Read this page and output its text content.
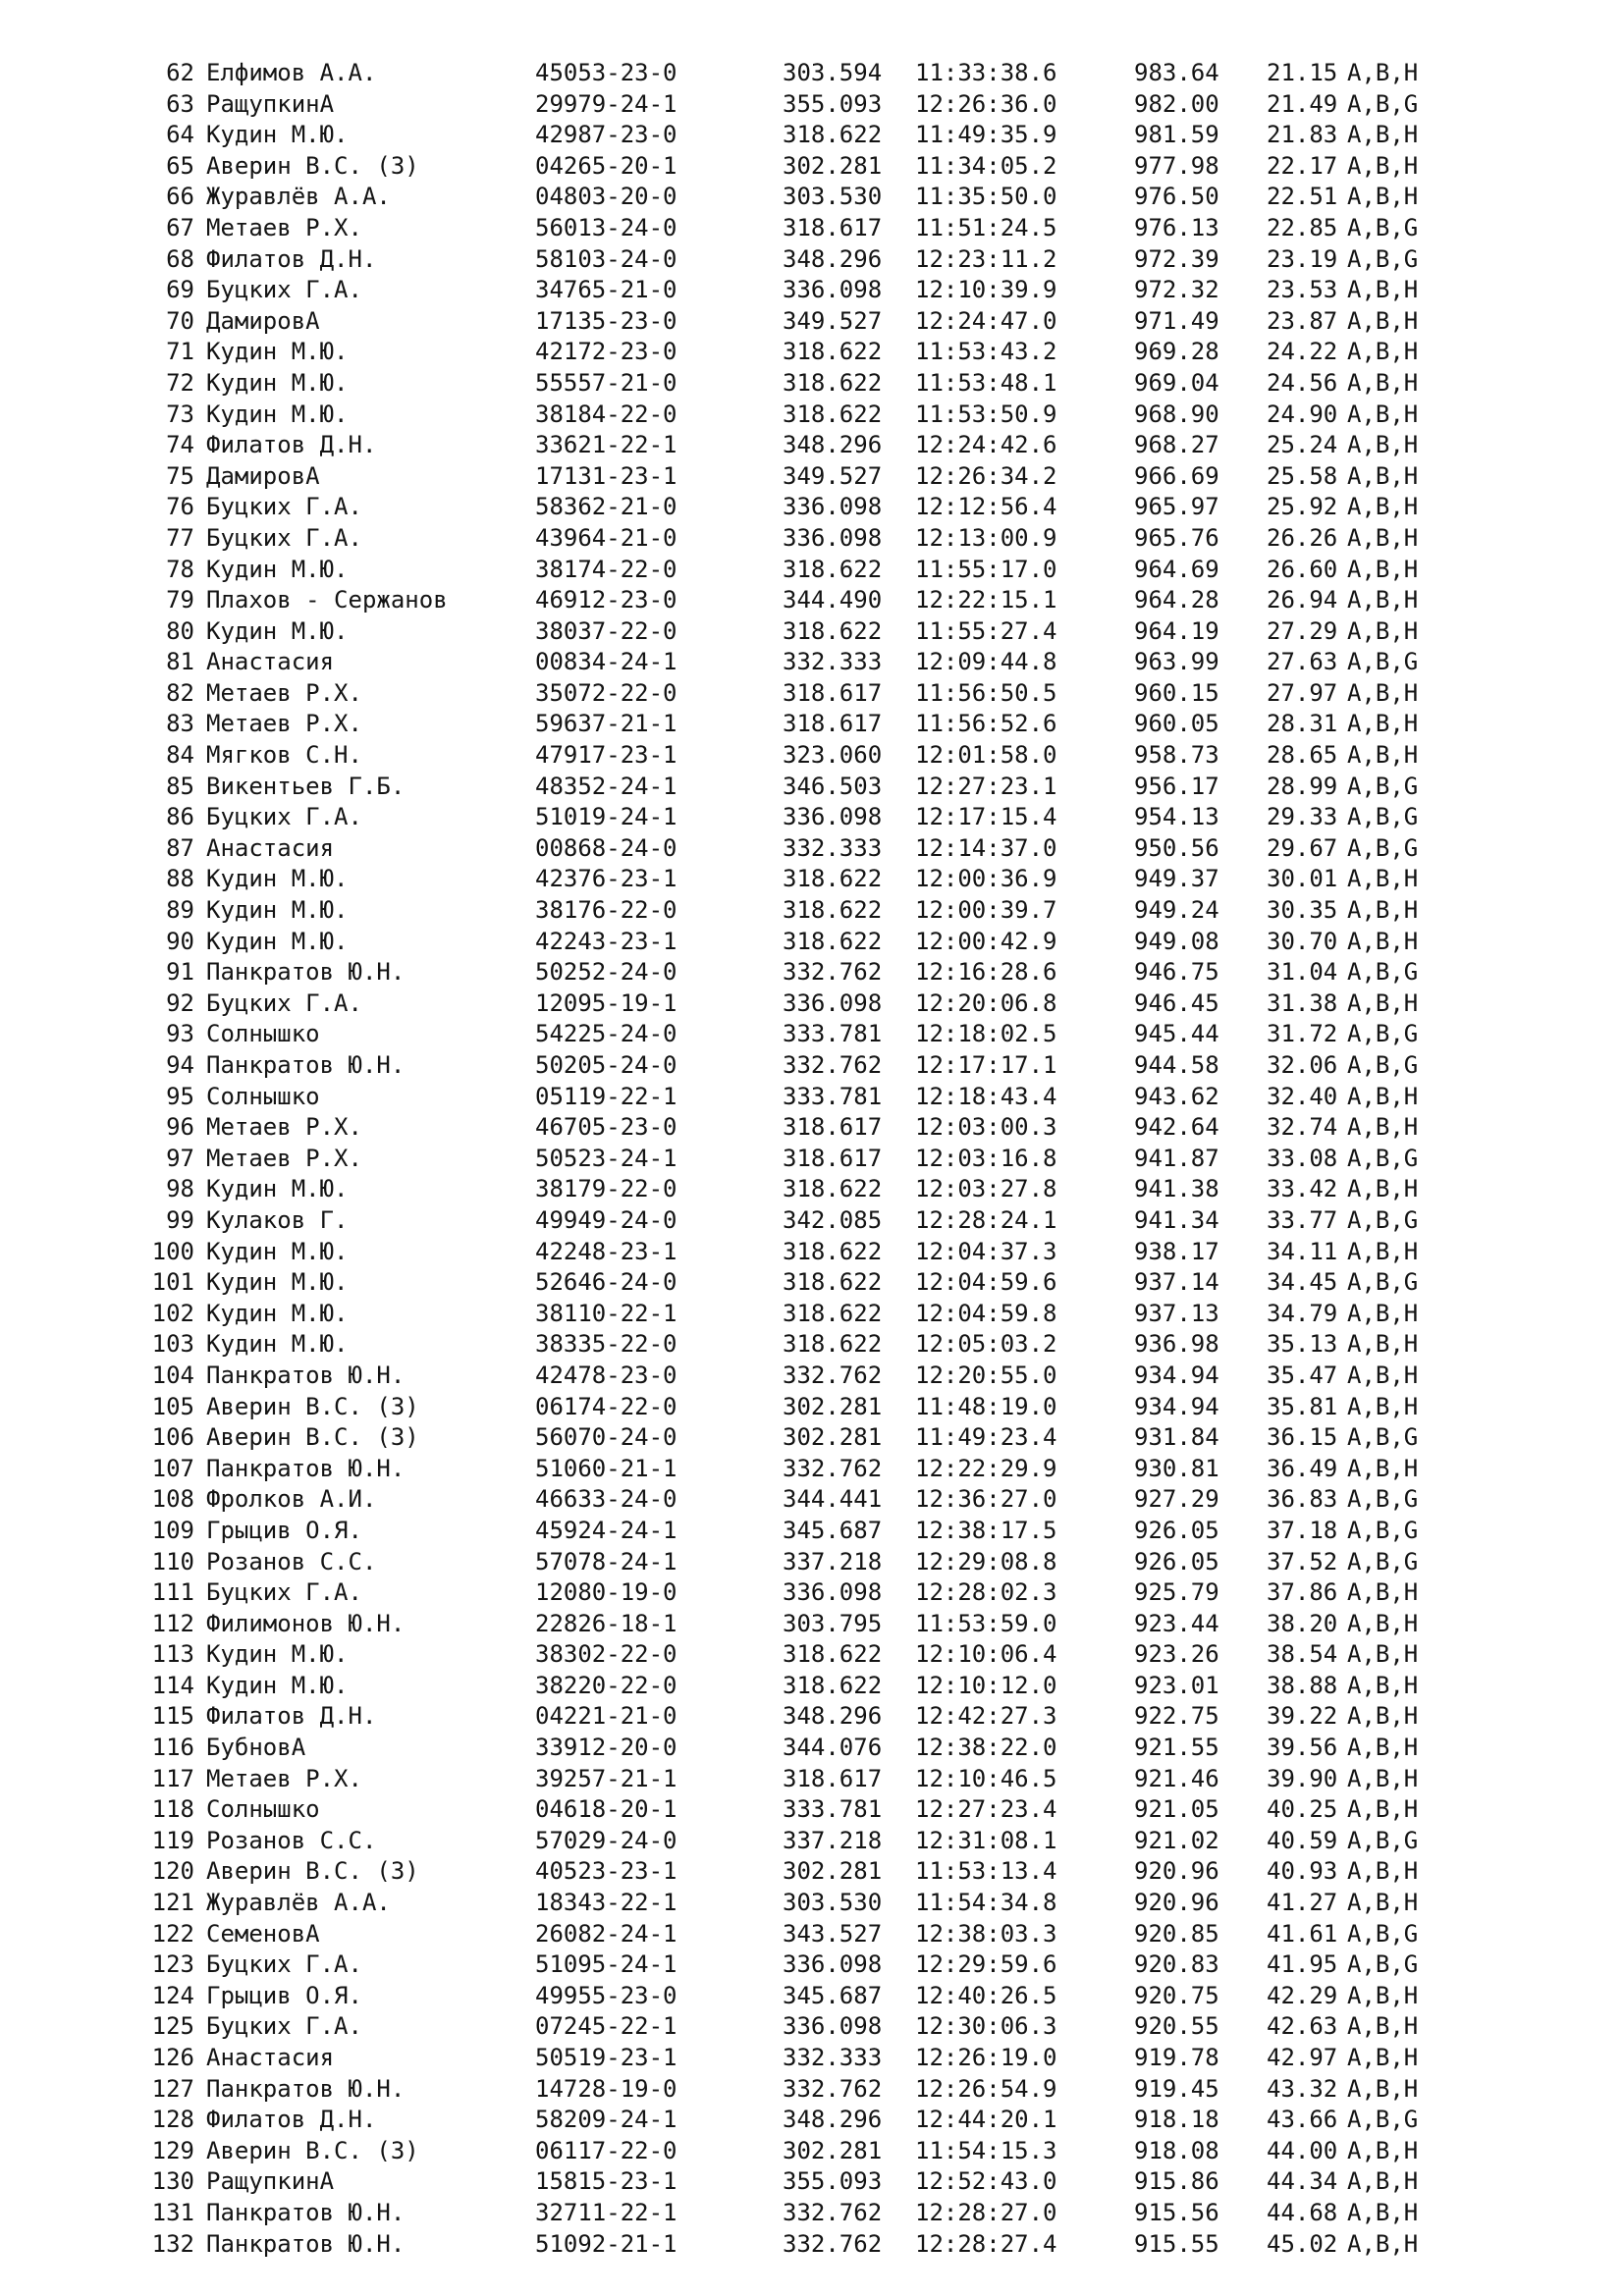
62 Елфимов А.А.	45053-23-0	303.594 11:33:38.6	983.64 21.15 A,B,H
63 РащупкинА	29979-24-1	355.093 12:26:36.0	982.00 21.49 A,B,G
64 Кудин М.Ю.	42987-23-0	318.622 11:49:35.9	981.59 21.83 A,B,H
65 Аверин В.С. (З)	04265-20-1	302.281 11:34:05.2	977.98 22.17 A,B,H
66 Журавлёв А.А.	04803-20-0	303.530 11:35:50.0	976.50 22.51 A,B,H
67 Метаев Р.Х.	56013-24-0	318.617 11:51:24.5	976.13 22.85 A,B,G
68 Филатов Д.Н.	58103-24-0	348.296 12:23:11.2	972.39 23.19 A,B,G
69 Буцких Г.А.	34765-21-0	336.098 12:10:39.9	972.32 23.53 A,B,H
70 ДамировА	17135-23-0	349.527 12:24:47.0	971.49 23.87 A,B,H
71 Кудин М.Ю.	42172-23-0	318.622 11:53:43.2	969.28 24.22 A,B,H
72 Кудин М.Ю.	55557-21-0	318.622 11:53:48.1	969.04 24.56 A,B,H
73 Кудин М.Ю.	38184-22-0	318.622 11:53:50.9	968.90 24.90 A,B,H
74 Филатов Д.Н.	33621-22-1	348.296 12:24:42.6	968.27 25.24 A,B,H
75 ДамировА	17131-23-1	349.527 12:26:34.2	966.69 25.58 A,B,H
76 Буцких Г.А.	58362-21-0	336.098 12:12:56.4	965.97 25.92 A,B,H
77 Буцких Г.А.	43964-21-0	336.098 12:13:00.9	965.76 26.26 A,B,H
78 Кудин М.Ю.	38174-22-0	318.622 11:55:17.0	964.69 26.60 A,B,H
79 Плахов - Сержанов	46912-23-0	344.490 12:22:15.1	964.28 26.94 A,B,H
80 Кудин М.Ю.	38037-22-0	318.622 11:55:27.4	964.19 27.29 A,B,H
81 Анастасия	00834-24-1	332.333 12:09:44.8	963.99 27.63 A,B,G
82 Метаев Р.Х.	35072-22-0	318.617 11:56:50.5	960.15 27.97 A,B,H
83 Метаев Р.Х.	59637-21-1	318.617 11:56:52.6	960.05 28.31 A,B,H
84 Мягков С.Н.	47917-23-1	323.060 12:01:58.0	958.73 28.65 A,B,H
85 Викентьев Г.Б.	48352-24-1	346.503 12:27:23.1	956.17 28.99 A,B,G
86 Буцких Г.А.	51019-24-1	336.098 12:17:15.4	954.13 29.33 A,B,G
87 Анастасия	00868-24-0	332.333 12:14:37.0	950.56 29.67 A,B,G
88 Кудин М.Ю.	42376-23-1	318.622 12:00:36.9	949.37 30.01 A,B,H
89 Кудин М.Ю.	38176-22-0	318.622 12:00:39.7	949.24 30.35 A,B,H
90 Кудин М.Ю.	42243-23-1	318.622 12:00:42.9	949.08 30.70 A,B,H
91 Панкратов Ю.Н.	50252-24-0	332.762 12:16:28.6	946.75 31.04 A,B,G
92 Буцких Г.А.	12095-19-1	336.098 12:20:06.8	946.45 31.38 A,B,H
93 Солнышко	54225-24-0	333.781 12:18:02.5	945.44 31.72 A,B,G
94 Панкратов Ю.Н.	50205-24-0	332.762 12:17:17.1	944.58 32.06 A,B,G
95 Солнышко	05119-22-1	333.781 12:18:43.4	943.62 32.40 A,B,H
96 Метаев Р.Х.	46705-23-0	318.617 12:03:00.3	942.64 32.74 A,B,H
97 Метаев Р.Х.	50523-24-1	318.617 12:03:16.8	941.87 33.08 A,B,G
98 Кудин М.Ю.	38179-22-0	318.622 12:03:27.8	941.38 33.42 A,B,H
99 Кулаков Г.	49949-24-0	342.085 12:28:24.1	941.34 33.77 A,B,G
100 Кудин М.Ю.	42248-23-1	318.622 12:04:37.3	938.17 34.11 A,B,H
101 Кудин М.Ю.	52646-24-0	318.622 12:04:59.6	937.14 34.45 A,B,G
102 Кудин М.Ю.	38110-22-1	318.622 12:04:59.8	937.13 34.79 A,B,H
103 Кудин М.Ю.	38335-22-0	318.622 12:05:03.2	936.98 35.13 A,B,H
104 Панкратов Ю.Н.	42478-23-0	332.762 12:20:55.0	934.94 35.47 A,B,H
105 Аверин В.С. (З)	06174-22-0	302.281 11:48:19.0	934.94 35.81 A,B,H
106 Аверин В.С. (З)	56070-24-0	302.281 11:49:23.4	931.84 36.15 A,B,G
107 Панкратов Ю.Н.	51060-21-1	332.762 12:22:29.9	930.81 36.49 A,B,H
108 Фролков А.И.	46633-24-0	344.441 12:36:27.0	927.29 36.83 A,B,G
109 Грыцив О.Я.	45924-24-1	345.687 12:38:17.5	926.05 37.18 A,B,G
110 Розанов С.С.	57078-24-1	337.218 12:29:08.8	926.05 37.52 A,B,G
111 Буцких Г.А.	12080-19-0	336.098 12:28:02.3	925.79 37.86 A,B,H
112 Филимонов Ю.Н.	22826-18-1	303.795 11:53:59.0	923.44 38.20 A,B,H
113 Кудин М.Ю.	38302-22-0	318.622 12:10:06.4	923.26 38.54 A,B,H
114 Кудин М.Ю.	38220-22-0	318.622 12:10:12.0	923.01 38.88 A,B,H
115 Филатов Д.Н.	04221-21-0	348.296 12:42:27.3	922.75 39.22 A,B,H
116 БубновА	33912-20-0	344.076 12:38:22.0	921.55 39.56 A,B,H
117 Метаев Р.Х.	39257-21-1	318.617 12:10:46.5	921.46 39.90 A,B,H
118 Солнышко	04618-20-1	333.781 12:27:23.4	921.05 40.25 A,B,H
119 Розанов С.С.	57029-24-0	337.218 12:31:08.1	921.02 40.59 A,B,G
120 Аверин В.С. (З)	40523-23-1	302.281 11:53:13.4	920.96 40.93 A,B,H
121 Журавлёв А.А.	18343-22-1	303.530 11:54:34.8	920.96 41.27 A,B,H
122 СеменовА	26082-24-1	343.527 12:38:03.3	920.85 41.61 A,B,G
123 Буцких Г.А.	51095-24-1	336.098 12:29:59.6	920.83 41.95 A,B,G
124 Грыцив О.Я.	49955-23-0	345.687 12:40:26.5	920.75 42.29 A,B,H
125 Буцких Г.А.	07245-22-1	336.098 12:30:06.3	920.55 42.63 A,B,H
126 Анастасия	50519-23-1	332.333 12:26:19.0	919.78 42.97 A,B,H
127 Панкратов Ю.Н.	14728-19-0	332.762 12:26:54.9	919.45 43.32 A,B,H
128 Филатов Д.Н.	58209-24-1	348.296 12:44:20.1	918.18 43.66 A,B,G
129 Аверин В.С. (З)	06117-22-0	302.281 11:54:15.3	918.08 44.00 A,B,H
130 РащупкинА	15815-23-1	355.093 12:52:43.0	915.86 44.34 A,B,H
131 Панкратов Ю.Н.	32711-22-1	332.762 12:28:27.0	915.56 44.68 A,B,H
132 Панкратов Ю.Н.	51092-21-1	332.762 12:28:27.4	915.55 45.02 A,B,H
